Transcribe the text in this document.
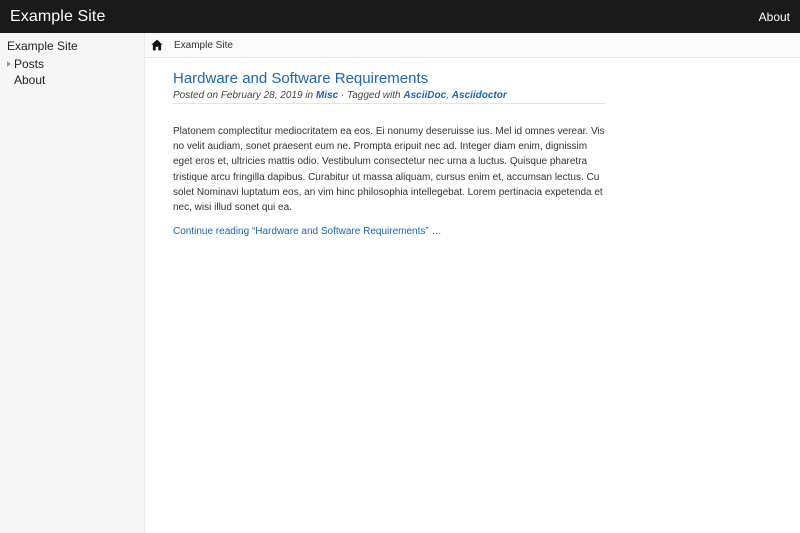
Example Site	About
Example Site
Posts
About
Example Site
Hardware and Software Requirements
Posted on February 28, 2019 in Misc · Tagged with AsciiDoc, Asciidoctor

Platonem complectitur mediocritatem ea eos. Ei nonumy deseruisse ius. Mel id omnes verear. Vis no velit audiam, sonet praesent eum ne. Prompta eripuit nec ad. Integer diam enim, dignissim eget eros et, ultricies mattis odio. Vestibulum consectetur nec urna a luctus. Quisque pharetra tristique arcu fringilla dapibus. Curabitur ut massa aliquam, cursus enim et, accumsan lectus. Cu solet Nominavi luptatum eos, an vim hinc philosophia intellegebat. Lorem pertinacia expetenda et nec, wisi illud sonet qui ea.

Continue reading “Hardware and Software Requirements” …
